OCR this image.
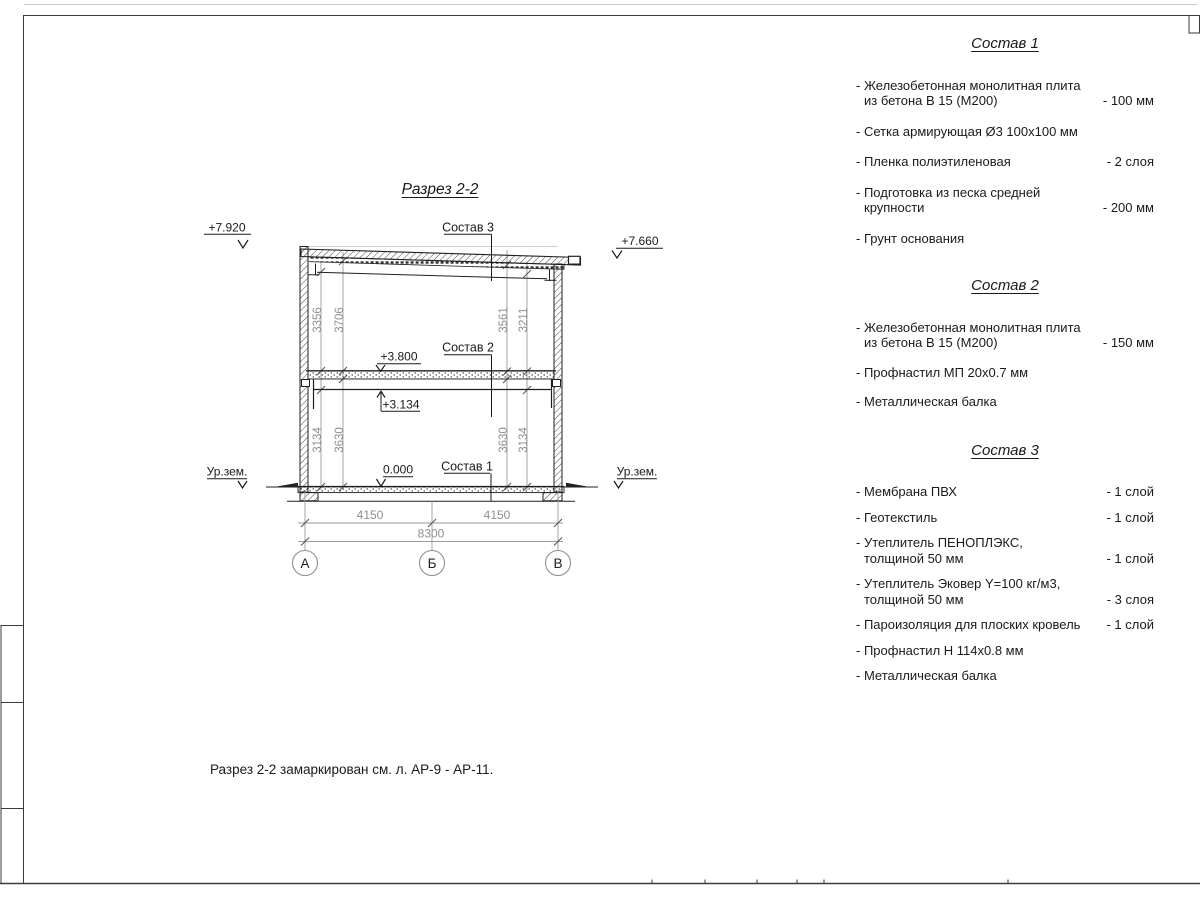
3356 3706	3561 3211
3134 3630	3630 3134
4150	4150
8300
А	Б	В
+7.920
+7.660
+3.800
+3.134
0.000
Ур.зем.	Ур.зем.
Состав 3
Состав 2
Состав 1
Разрез 2-2
Состав 1
- Железобетонная монолитная плита
из бетона В 15 (М200)	- 100 мм
- Сетка армирующая Ø3 100x100 мм
- Пленка полиэтиленовая	- 2 слоя
- Подготовка из песка средней
крупности	- 200 мм
- Грунт основания
Состав 2
- Железобетонная монолитная плита
из бетона В 15 (М200)	- 150 мм
- Профнастил МП 20x0.7 мм
- Металлическая балка
Состав 3
- Мембрана ПВХ	- 1 слой
- Геотекстиль	- 1 слой
- Утеплитель ПЕНОПЛЭКС,
толщиной 50 мм	- 1 слой
- Утеплитель Эковер Y=100 кг/м3,
толщиной 50 мм	- 3 слоя
- Пароизоляция для плоских кровель	- 1 слой
- Профнастил Н 114x0.8 мм
- Металлическая балка
Разрез 2-2 замаркирован см. л. АР-9 - АР-11.
